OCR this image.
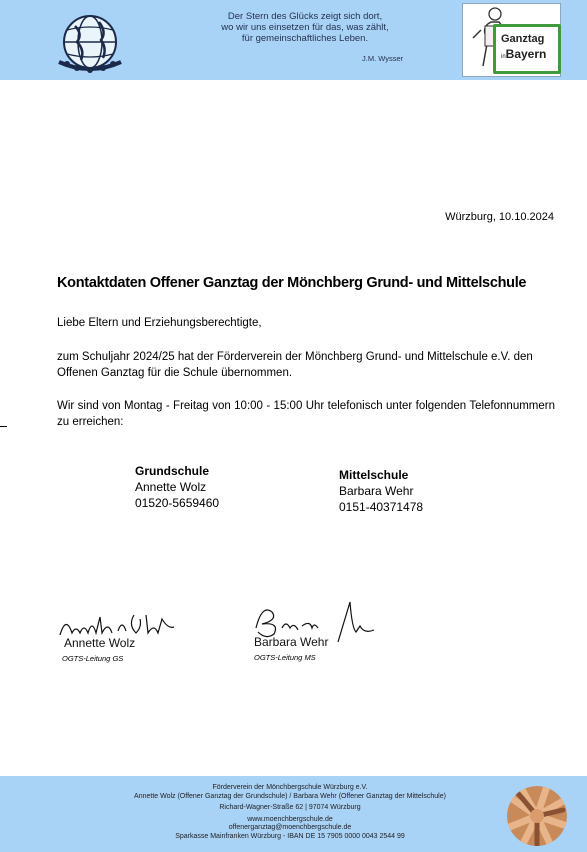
Der Stern des Glücks zeigt sich dort,
wo wir uns einsetzen für das, was zählt,
für gemeinschaftliches Leben.
J.M. Wysser
Ganztag
inBayern
Würzburg, 10.10.2024
Kontaktdaten Offener Ganztag der Mönchberg Grund- und Mittelschule
Liebe Eltern und Erziehungsberechtigte,
zum Schuljahr 2024/25 hat der Förderverein der Mönchberg Grund- und Mittelschule e.V. den Offenen Ganztag für die Schule übernommen.
Wir sind von Montag - Freitag von 10:00 - 15:00 Uhr telefonisch unter folgenden Telefonnummern zu erreichen:
Grundschule
Annette Wolz
01520-5659460
Mittelschule
Barbara Wehr
0151-40371478
Annette Wolz
OGTS-Leitung GS
Barbara Wehr
OGTS-Leitung MS
Förderverein der Mönchbergschule Würzburg e.V.
Annette Wolz (Offener Ganztag der Grundschule) / Barbara Wehr (Offener Ganztag der Mittelschule)
Richard-Wagner-Straße 62 | 97074 Würzburg
www.moenchbergschule.de
offenerganztag@moenchbergschule.de
Sparkasse Mainfranken Würzburg - IBAN DE 15 7905 0000 0043 2544 99
